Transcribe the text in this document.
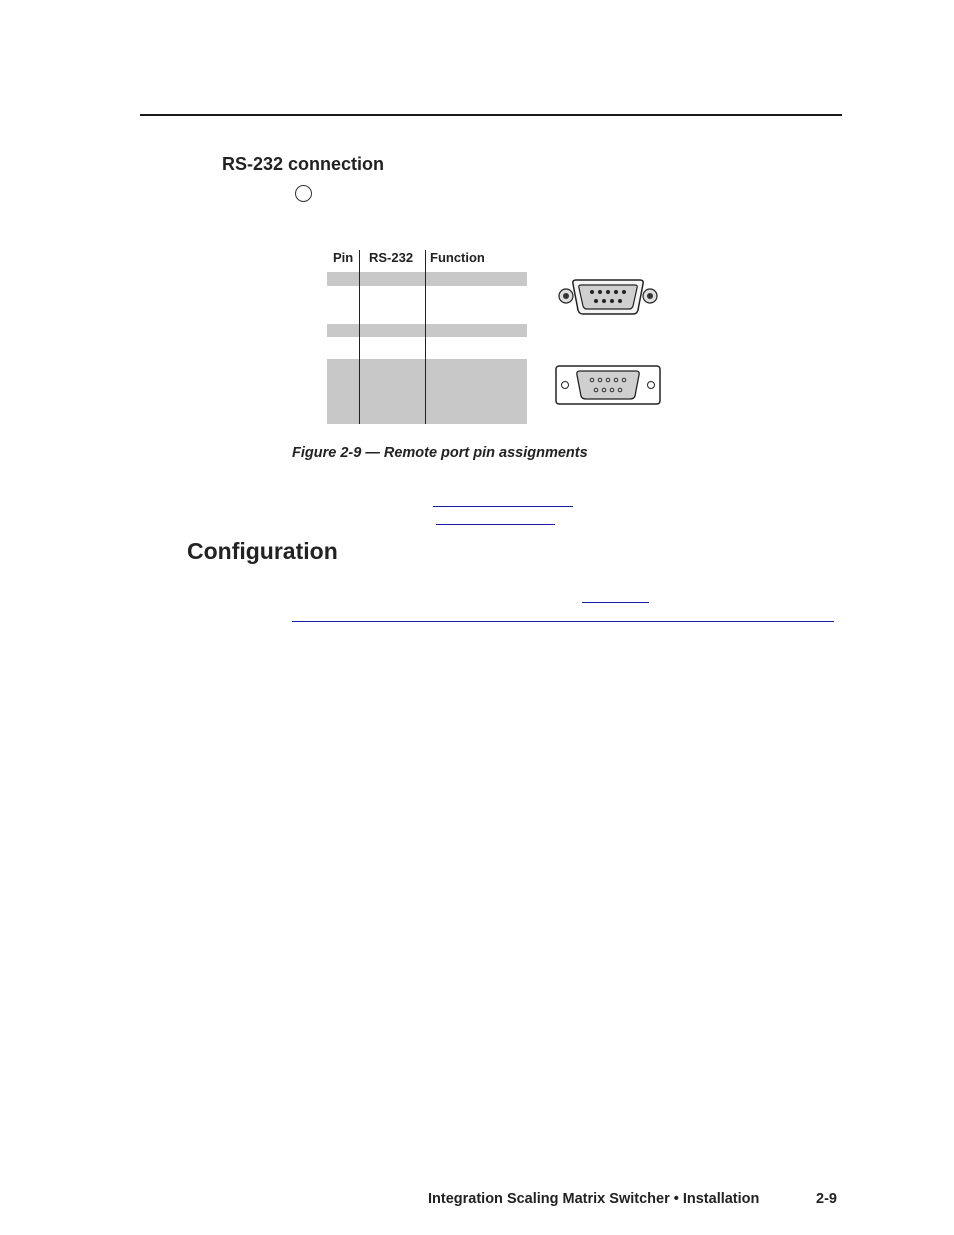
RS-232 connection
Pin RS-232 Function
Figure 2-9 — Remote port pin assignments
Configuration
Integration Scaling Matrix Switcher • Installation	2-9
